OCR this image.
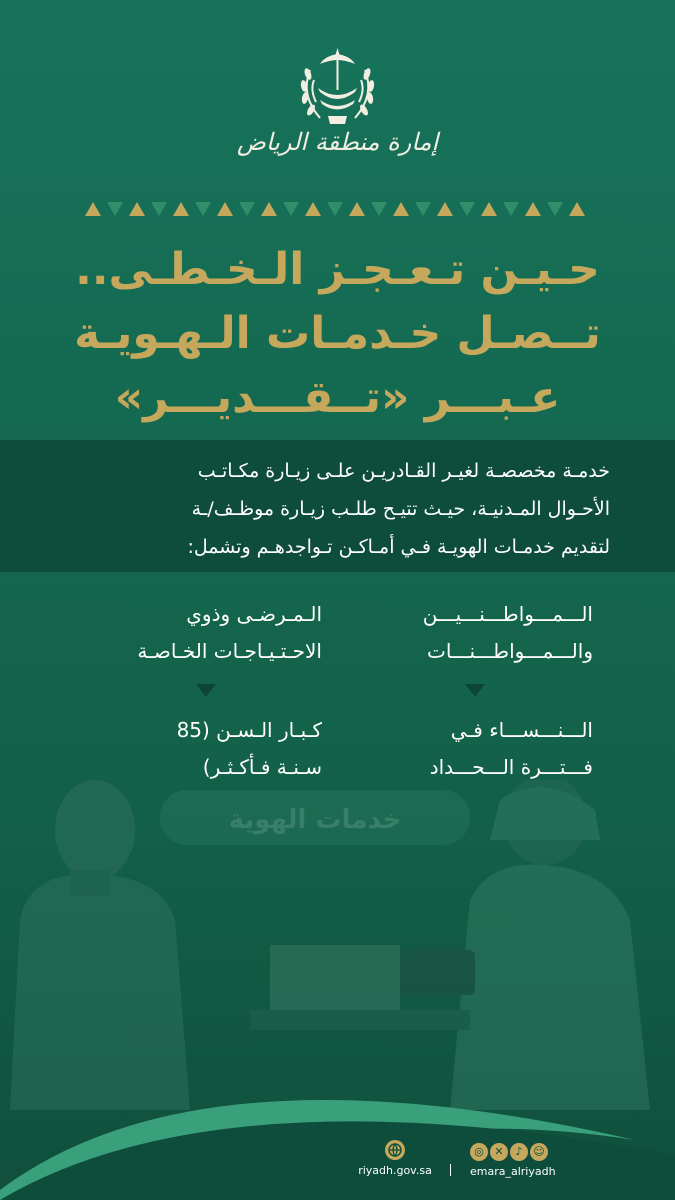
إمارة منطقة الرياض
حـيـن تـعـجـز الـخـطـى..
تــصـل خـدمـات الـهـويـة
عـبـــر «تــقـــديـــر»
خدمـة مخصصـة لغيـر القـادريـن علـى زيـارة مكـاتـب
الأحـوال المـدنيـة، حيـث تتيـح طلـب زيـارة موظـف/ـة
لتقديم خدمـات الهويـة فـي أمـاكـن تـواجدهـم وتشمل:
الـــمـــواطـــنـــيـــن
والـــمـــواطـــنـــات
الـمـرضـى وذوي
الاحـتـيـاجـات الخـاصـة
الـــنـــســـاء فـي
فـــتـــرة الـــحـــداد
كـبـار الـسـن (85
سـنـة فـأكـثـر)
خدمات الهوية
riyadh.gov.sa
◎ ✕ ♪ ☺
emara_alriyadh
